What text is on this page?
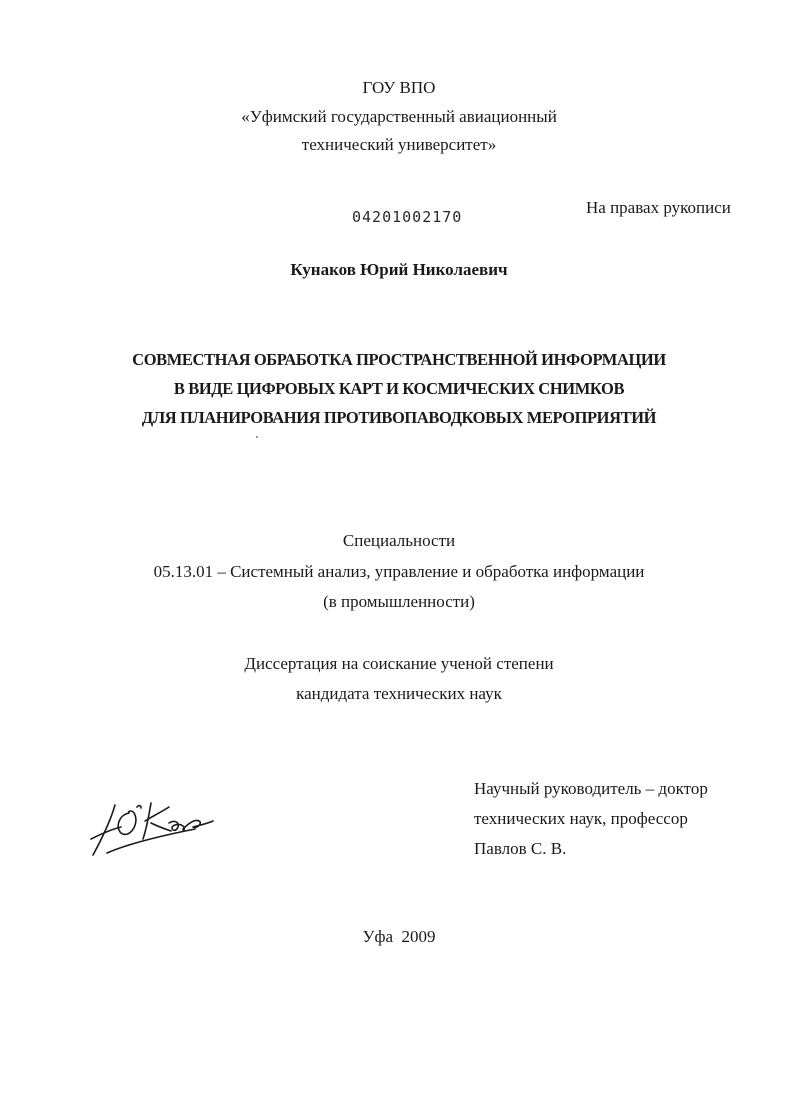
ГОУ ВПО
«Уфимский государственный авиационный
технический университет»
04201002170	На правах рукописи
Кунаков Юрий Николаевич
СОВМЕСТНАЯ ОБРАБОТКА ПРОСТРАНСТВЕННОЙ ИНФОРМАЦИИ
В ВИДЕ ЦИФРОВЫХ КАРТ И КОСМИЧЕСКИХ СНИМКОВ
ДЛЯ ПЛАНИРОВАНИЯ ПРОТИВОПАВОДКОВЫХ МЕРОПРИЯТИЙ
Специальности
05.13.01 – Системный анализ, управление и обработка информации
(в промышленности)
Диссертация на соискание ученой степени
кандидата технических наук
Научный руководитель – доктор
технических наук, профессор
Павлов С. В.
Уфа  2009
